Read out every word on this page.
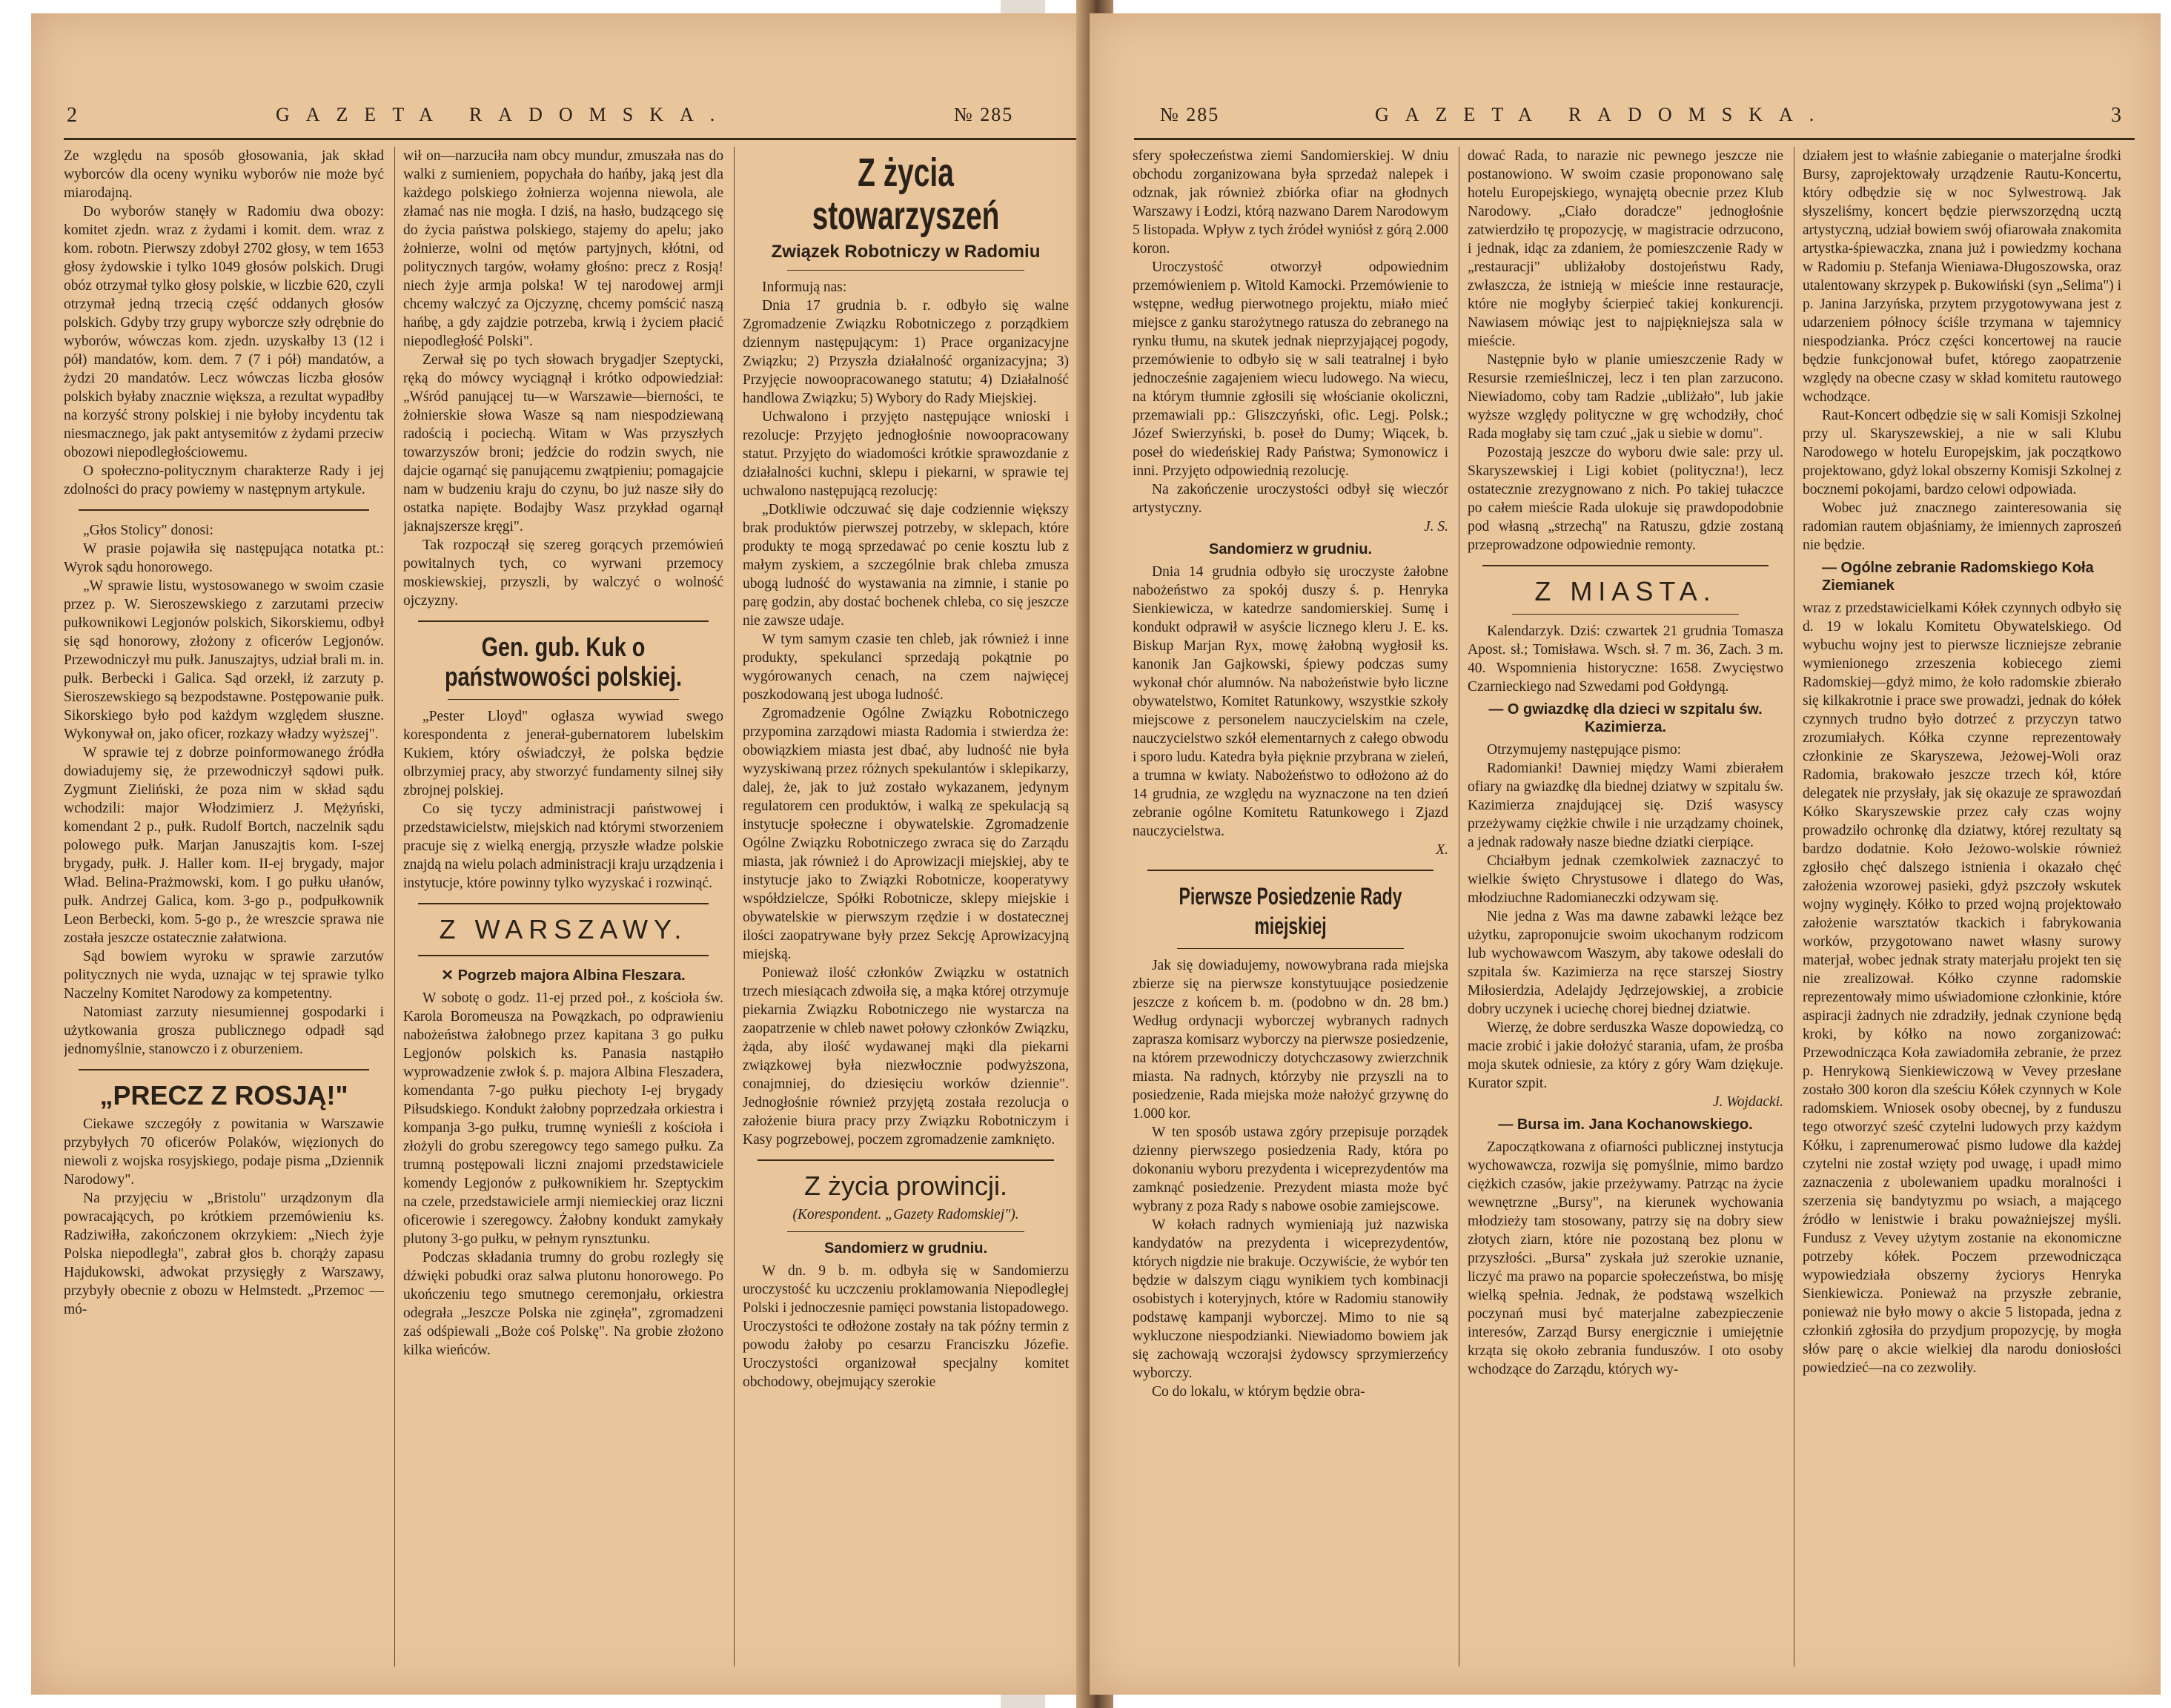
2	GAZETA RADOMSKA.	№ 285

Ze względu na sposób głosowania, jak skład wyborców dla oceny wyniku wyborów nie może być miarodajną.

Do wyborów stanęły w Radomiu dwa obozy: komitet zjedn. wraz z żydami i komit. dem. wraz z kom. robotn. Pierwszy zdobył 2702 głosy, w tem 1653 głosy żydowskie i tylko 1049 głosów polskich. Drugi obóz otrzymał tylko głosy polskie, w liczbie 620, czyli otrzymał jedną trzecią część oddanych głosów polskich. Gdyby trzy grupy wyborcze szły odrębnie do wyborów, wówczas kom. zjedn. uzyskałby 13 (12 i pół) mandatów, kom. dem. 7 (7 i pół) mandatów, a żydzi 20 mandatów. Lecz wówczas liczba głosów polskich byłaby znacznie większa, a rezultat wypadłby na korzyść strony polskiej i nie byłoby incydentu tak niesmacznego, jak pakt antysemitów z żydami przeciw obozowi niepodległościowemu.

O społeczno-politycznym charakterze Rady i jej zdolności do pracy powiemy w następnym artykule.

„Głos Stolicy" donosi:

W prasie pojawiła się następująca notatka pt.: Wyrok sądu honorowego.

„W sprawie listu, wystosowanego w swoim czasie przez p. W. Sieroszewskiego z zarzutami przeciw pułkownikowi Legjonów polskich, Sikorskiemu, odbył się sąd honorowy, złożony z oficerów Legjonów. Przewodniczył mu pułk. Januszajtys, udział brali m. in. pułk. Berbecki i Galica. Sąd orzekł, iż zarzuty p. Sieroszewskiego są bezpodstawne. Postępowanie pułk. Sikorskiego było pod każdym względem słuszne. Wykonywał on, jako oficer, rozkazy władzy wyższej".

W sprawie tej z dobrze poinformowanego źródła dowiadujemy się, że przewodniczył sądowi pułk. Zygmunt Zieliński, że poza nim w skład sądu wchodzili: major Włodzimierz J. Mężyński, komendant 2 p., pułk. Rudolf Bortch, naczelnik sądu polowego pułk. Marjan Januszajtis kom. I-szej brygady, pułk. J. Haller kom. II-ej brygady, major Wład. Belina-Prażmowski, kom. I go pułku ułanów, pułk. Andrzej Galica, kom. 3-go p., podpułkownik Leon Berbecki, kom. 5-go p., że wreszcie sprawa nie została jeszcze ostatecznie załatwiona.

Sąd bowiem wyroku w sprawie zarzutów politycznych nie wyda, uznając w tej sprawie tylko Naczelny Komitet Narodowy za kompetentny.

Natomiast zarzuty niesumiennej gospodarki i użytkowania grosza publicznego odpadł sąd jednomyślnie, stanowczo i z oburzeniem.

„PRECZ Z ROSJĄ!"

Ciekawe szczegóły z powitania w Warszawie przybyłych 70 oficerów Polaków, więzionych do niewoli z wojska rosyjskiego, podaje pisma „Dziennik Narodowy".

Na przyjęciu w „Bristolu" urządzonym dla powracających, po krótkiem przemówieniu ks. Radziwiłła, zakończonem okrzykiem: „Niech żyje Polska niepodległa", zabrał głos b. chorąży zapasu Hajdukowski, adwokat przysięgły z Warszawy, przybyły obecnie z obozu w Helmstedt. „Przemoc — mó-

wił on—narzuciła nam obcy mundur, zmuszała nas do walki z sumieniem, popychała do hańby, jaką jest dla każdego polskiego żołnierza wojenna niewola, ale złamać nas nie mogła. I dziś, na hasło, budzącego się do życia państwa polskiego, stajemy do apelu; jako żołnierze, wolni od mętów partyjnych, kłótni, od politycznych targów, wołamy głośno: precz z Rosją! niech żyje armja polska! W tej narodowej armji chcemy walczyć za Ojczyznę, chcemy pomścić naszą hańbę, a gdy zajdzie potrzeba, krwią i życiem płacić niepodległość Polski".

Zerwał się po tych słowach brygadjer Szeptycki, ręką do mówcy wyciągnął i krótko odpowiedział: „Wśród panującej tu—w Warszawie—bierności, te żołnierskie słowa Wasze są nam niespodziewaną radością i pociechą. Witam w Was przyszłych towarzyszów broni; jedźcie do rodzin swych, nie dajcie ogarnąć się panującemu zwątpieniu; pomagajcie nam w budzeniu kraju do czynu, bo już nasze siły do ostatka napięte. Bodajby Wasz przykład ogarnął jaknajszersze kręgi".

Tak rozpoczął się szereg gorących przemówień powitalnych tych, co wyrwani przemocy moskiewskiej, przyszli, by walczyć o wolność ojczyzny.

Gen. gub. Kuk o państwowości polskiej.

„Pester Lloyd" ogłasza wywiad swego korespondenta z jenerał-gubernatorem lubelskim Kukiem, który oświadczył, że polska będzie olbrzymiej pracy, aby stworzyć fundamenty silnej siły zbrojnej polskiej.

Co się tyczy administracji państwowej i przedstawicielstw, miejskich nad którymi stworzeniem pracuje się z wielką energją, przyszłe władze polskie znajdą na wielu polach administracji kraju urządzenia i instytucje, które powinny tylko wyzyskać i rozwinąć.

Z WARSZAWY.
✕ Pogrzeb majora Albina Fleszara.

W sobotę o godz. 11-ej przed poł., z kościoła św. Karola Boromeusza na Powązkach, po odprawieniu nabożeństwa żałobnego przez kapitana 3 go pułku Legjonów polskich ks. Panasia nastąpiło wyprowadzenie zwłok ś. p. majora Albina Fleszadera, komendanta 7-go pułku piechoty I-ej brygady Piłsudskiego. Kondukt żałobny poprzedzała orkiestra i kompanja 3-go pułku, trumnę wynieśli z kościoła i złożyli do grobu szeregowcy tego samego pułku. Za trumną postępowali liczni znajomi przedstawiciele komendy Legjonów z pułkownikiem hr. Szeptyckim na czele, przedstawiciele armji niemieckiej oraz liczni oficerowie i szeregowcy. Żałobny kondukt zamykały plutony 3-go pułku, w pełnym rynsztunku.

Podczas składania trumny do grobu rozległy się dźwięki pobudki oraz salwa plutonu honorowego. Po ukończeniu tego smutnego ceremonjału, orkiestra odegrała „Jeszcze Polska nie zginęła", zgromadzeni zaś odśpiewali „Boże coś Polskę". Na grobie złożono kilka wieńców.

Z życia stowarzyszeń
Związek Robotniczy w Radomiu

Informują nas:

Dnia 17 grudnia b. r. odbyło się walne Zgromadzenie Związku Robotniczego z porządkiem dziennym następującym: 1) Prace organizacyjne Związku; 2) Przyszła działalność organizacyjna; 3) Przyjęcie nowoopracowanego statutu; 4) Działalność handlowa Związku; 5) Wybory do Rady Miejskiej.

Uchwalono i przyjęto następujące wnioski i rezolucje: Przyjęto jednogłośnie nowoopracowany statut. Przyjęto do wiadomości krótkie sprawozdanie z działalności kuchni, sklepu i piekarni, w sprawie tej uchwalono następującą rezolucję:

„Dotkliwie odczuwać się daje codziennie większy brak produktów pierwszej potrzeby, w sklepach, które produkty te mogą sprzedawać po cenie kosztu lub z małym zyskiem, a szczególnie brak chleba zmusza ubogą ludność do wystawania na zimnie, i stanie po parę godzin, aby dostać bochenek chleba, co się jeszcze nie zawsze udaje.

W tym samym czasie ten chleb, jak również i inne produkty, spekulanci sprzedają pokątnie po wygórowanych cenach, na czem najwięcej poszkodowaną jest uboga ludność.

Zgromadzenie Ogólne Związku Robotniczego przypomina zarządowi miasta Radomia i stwierdza że: obowiązkiem miasta jest dbać, aby ludność nie była wyzyskiwaną przez różnych spekulantów i sklepikarzy, dalej, że, jak to już zostało wykazanem, jedynym regulatorem cen produktów, i walką ze spekulacją są instytucje społeczne i obywatelskie. Zgromadzenie Ogólne Związku Robotniczego zwraca się do Zarządu miasta, jak również i do Aprowizacji miejskiej, aby te instytucje jako to Związki Robotnicze, kooperatywy współdzielcze, Spółki Robotnicze, sklepy miejskie i obywatelskie w pierwszym rzędzie i w dostatecznej ilości zaopatrywane były przez Sekcję Aprowizacyjną miejską.

Ponieważ ilość członków Związku w ostatnich trzech miesiącach zdwoiła się, a mąka której otrzymuje piekarnia Związku Robotniczego nie wystarcza na zaopatrzenie w chleb nawet połowy członków Związku, żąda, aby ilość wydawanej mąki dla piekarni związkowej była niezwłocznie podwyższona, conajmniej, do dziesięciu worków dziennie". Jednogłośnie również przyjętą została rezolucja o założenie biura pracy przy Związku Robotniczym i Kasy pogrzebowej, poczem zgromadzenie zamknięto.

Z życia prowincji.
(Korespondent. „Gazety Radomskiej").
Sandomierz w grudniu.

W dn. 9 b. m. odbyła się w Sandomierzu uroczystość ku uczczeniu proklamowania Niepodległej Polski i jednoczesnie pamięci powstania listopadowego. Uroczystości te odłożone zostały na tak późny termin z powodu żałoby po cesarzu Franciszku Józefie. Uroczystości organizował specjalny komitet obchodowy, obejmujący szerokie

№ 285	GAZETA RADOMSKA.	3

sfery społeczeństwa ziemi Sandomierskiej. W dniu obchodu zorganizowana była sprzedaż nalepek i odznak, jak również zbiórka ofiar na głodnych Warszawy i Łodzi, którą nazwano Darem Narodowym 5 listopada. Wpływ z tych źródeł wyniósł z górą 2.000 koron.

Uroczystość otworzył odpowiednim przemówieniem p. Witold Kamocki. Przemówienie to wstępne, według pierwotnego projektu, miało mieć miejsce z ganku starożytnego ratusza do zebranego na rynku tłumu, na skutek jednak nieprzyjającej pogody, przemówienie to odbyło się w sali teatralnej i było jednocześnie zagajeniem wiecu ludowego. Na wiecu, na którym tłumnie zgłosili się włościanie okoliczni, przemawiali pp.: Gliszczyński, ofic. Legj. Polsk.; Józef Swierzyński, b. poseł do Dumy; Wiącek, b. poseł do wiedeńskiej Rady Państwa; Symonowicz i inni. Przyjęto odpowiednią rezolucję.

Na zakończenie uroczystości odbył się wieczór artystyczny.

J. S.
Sandomierz w grudniu.

Dnia 14 grudnia odbyło się uroczyste żałobne nabożeństwo za spokój duszy ś. p. Henryka Sienkiewicza, w katedrze sandomierskiej. Sumę i kondukt odprawił w asyście licznego kleru J. E. ks. Biskup Marjan Ryx, mowę żałobną wygłosił ks. kanonik Jan Gajkowski, śpiewy podczas sumy wykonał chór alumnów. Na nabożeństwie było liczne obywatelstwo, Komitet Ratunkowy, wszystkie szkoły miejscowe z personelem nauczycielskim na czele, nauczycielstwo szkół elementarnych z całego obwodu i sporo ludu. Katedra była pięknie przybrana w zieleń, a trumna w kwiaty. Nabożeństwo to odłożono aż do 14 grudnia, ze względu na wyznaczone na ten dzień zebranie ogólne Komitetu Ratunkowego i Zjazd nauczycielstwa.

X.
Pierwsze Posiedzenie Rady miejskiej

Jak się dowiadujemy, nowowybrana rada miejska zbierze się na pierwsze konstytuujące posiedzenie jeszcze z końcem b. m. (podobno w dn. 28 bm.) Według ordynacji wyborczej wybranych radnych zaprasza komisarz wyborczy na pierwsze posiedzenie, na którem przewodniczy dotychczasowy zwierzchnik miasta. Na radnych, którzyby nie przyszli na to posiedzenie, Rada miejska może nałożyć grzywnę do 1.000 kor.

W ten sposób ustawa zgóry przepisuje porządek dzienny pierwszego posiedzenia Rady, która po dokonaniu wyboru prezydenta i wiceprezydentów ma zamknąć posiedzenie. Prezydent miasta może być wybrany z poza Rady s nabowe osobie zamiejscowe.

W kołach radnych wymieniają już nazwiska kandydatów na prezydenta i wiceprezydentów, których nigdzie nie brakuje. Oczywiście, że wybór ten będzie w dalszym ciągu wynikiem tych kombinacji osobistych i koteryjnych, które w Radomiu stanowiły podstawę kampanji wyborczej. Mimo to nie są wykluczone niespodzianki. Niewiadomo bowiem jak się zachowają wczorajsi żydowscy sprzymierzeńcy wyborczy.

Co do lokalu, w którym będzie obra-

dować Rada, to narazie nic pewnego jeszcze nie postanowiono. W swoim czasie proponowano salę hotelu Europejskiego, wynajętą obecnie przez Klub Narodowy. „Ciało doradcze" jednogłośnie zatwierdziło tę propozycję, w magistracie odrzucono, i jednak, idąc za zdaniem, że pomieszczenie Rady w „restauracji" ubliżałoby dostojeństwu Rady, zwłaszcza, że istnieją w mieście inne restauracje, które nie mogłyby ścierpieć takiej konkurencji. Nawiasem mówiąc jest to najpiękniejsza sala w mieście.

Następnie było w planie umieszczenie Rady w Resursie rzemieślniczej, lecz i ten plan zarzucono. Niewiadomo, coby tam Radzie „ubliżało", lub jakie wyższe względy polityczne w grę wchodziły, choć Rada mogłaby się tam czuć „jak u siebie w domu".

Pozostają jeszcze do wyboru dwie sale: przy ul. Skaryszewskiej i Ligi kobiet (polityczna!), lecz ostatecznie zrezygnowano z nich. Po takiej tułaczce po całem mieście Rada ulokuje się prawdopodobnie pod własną „strzechą" na Ratuszu, gdzie zostaną przeprowadzone odpowiednie remonty.

Z MIASTA.

Kalendarzyk. Dziś: czwartek 21 grudnia Tomasza Apost. sł.; Tomisława. Wsch. sł. 7 m. 36, Zach. 3 m. 40. Wspomnienia historyczne: 1658. Zwycięstwo Czarnieckiego nad Szwedami pod Gołdyngą.

— O gwiazdkę dla dzieci w szpitalu św. Kazimierza.

Otrzymujemy następujące pismo:

Radomianki! Dawniej między Wami zbierałem ofiary na gwiazdkę dla biednej dziatwy w szpitalu św. Kazimierza znajdującej się. Dziś wasyscy przeżywamy ciężkie chwile i nie urządzamy choinek, a jednak radowały nasze biedne dziatki cierpiące.

Chciałbym jednak czemkolwiek zaznaczyć to wielkie święto Chrystusowe i dlatego do Was, młodziuchne Radomianeczki odzywam się.

Nie jedna z Was ma dawne zabawki leżące bez użytku, zaproponujcie swoim ukochanym rodzicom lub wychowawcom Waszym, aby takowe odesłali do szpitala św. Kazimierza na ręce starszej Siostry Miłosierdzia, Adelajdy Jędrzejowskiej, a zrobicie dobry uczynek i uciechę chorej biednej dziatwie.

Wierzę, że dobre serduszka Wasze dopowiedzą, co macie zrobić i jakie dołożyć starania, ufam, że prośba moja skutek odniesie, za który z góry Wam dziękuje. Kurator szpit.

J. Wojdacki.
— Bursa im. Jana Kochanowskiego.

Zapoczątkowana z ofiarności publicznej instytucja wychowawcza, rozwija się pomyślnie, mimo bardzo ciężkich czasów, jakie przeżywamy. Patrząc na życie wewnętrzne „Bursy", na kierunek wychowania młodzieży tam stosowany, patrzy się na dobry siew złotych ziarn, które nie pozostaną bez plonu w przyszłości. „Bursa" zyskała już szerokie uznanie, liczyć ma prawo na poparcie społeczeństwa, bo misję wielką spełnia. Jednak, że podstawą wszelkich poczynań musi być materjalne zabezpieczenie interesów, Zarząd Bursy energicznie i umiejętnie krząta się około zebrania funduszów. I oto osoby wchodzące do Zarządu, których wy-

działem jest to właśnie zabieganie o materjalne środki Bursy, zaprojektowały urządzenie Rautu-Koncertu, który odbędzie się w noc Sylwestrową. Jak słyszeliśmy, koncert będzie pierwszorzędną ucztą artystyczną, udział bowiem swój ofiarowała znakomita artystka-śpiewaczka, znana już i powiedzmy kochana w Radomiu p. Stefanja Wieniawa-Długoszowska, oraz utalentowany skrzypek p. Bukowiński (syn „Selima") i p. Janina Jarzyńska, przytem przygotowywana jest z udarzeniem północy ściśle trzymana w tajemnicy niespodzianka. Prócz części koncertowej na raucie będzie funkcjonował bufet, którego zaopatrzenie względy na obecne czasy w skład komitetu rautowego wchodzące.

Raut-Koncert odbędzie się w sali Komisji Szkolnej przy ul. Skaryszewskiej, a nie w sali Klubu Narodowego w hotelu Europejskim, jak początkowo projektowano, gdyż lokal obszerny Komisji Szkolnej z bocznemi pokojami, bardzo celowi odpowiada.

Wobec już znacznego zainteresowania się radomian rautem objaśniamy, że imiennych zaproszeń nie będzie.

— Ogólne zebranie Radomskiego Koła Ziemianek

wraz z przedstawicielkami Kółek czynnych odbyło się d. 19 w lokalu Komitetu Obywatelskiego. Od wybuchu wojny jest to pierwsze liczniejsze zebranie wymienionego zrzeszenia kobiecego ziemi Radomskiej—gdyż mimo, że koło radomskie zbierało się kilkakrotnie i prace swe prowadzi, jednak do kółek czynnych trudno było dotrzeć z przyczyn tatwo zrozumiałych. Kółka czynne reprezentowały członkinie ze Skaryszewa, Jeżowej-Woli oraz Radomia, brakowało jeszcze trzech kół, które delegatek nie przysłały, jak się okazuje ze sprawozdań Kółko Skaryszewskie przez cały czas wojny prowadziło ochronkę dla dziatwy, której rezultaty są bardzo dodatnie. Koło Jeżowo-wolskie również zgłosiło chęć dalszego istnienia i okazało chęć założenia wzorowej pasieki, gdyż pszczoły wskutek wojny wyginęły. Kółko to przed wojną projektowało założenie warsztatów tkackich i fabrykowania worków, przygotowano nawet własny surowy materjał, wobec jednak straty materjału projekt ten się nie zrealizował. Kółko czynne radomskie reprezentowały mimo uświadomione członkinie, które aspiracji żadnych nie zdradziły, jednak czynione będą kroki, by kółko na nowo zorganizować: Przewodnicząca Koła zawiadomiła zebranie, że przez p. Henrykową Sienkiewiczową w Vevey przesłane zostało 300 koron dla sześciu Kółek czynnych w Kole radomskiem. Wniosek osoby obecnej, by z funduszu tego otworzyć sześć czytelni ludowych przy każdym Kółku, i zaprenumerować pismo ludowe dla każdej czytelni nie został wzięty pod uwagę, i upadł mimo zaznaczenia z ubolewaniem upadku moralności i szerzenia się bandytyzmu po wsiach, a mającego źródło w lenistwie i braku poważniejszej myśli. Fundusz z Vevey użytym zostanie na ekonomiczne potrzeby kółek. Poczem przewodnicząca wypowiedziała obszerny życiorys Henryka Sienkiewicza. Ponieważ na przyszłe zebranie, ponieważ nie było mowy o akcie 5 listopada, jedna z członkiń zgłosiła do przydjum propozycję, by mogła słów parę o akcie wielkiej dla narodu doniosłości powiedzieć—na co zezwoliły.
